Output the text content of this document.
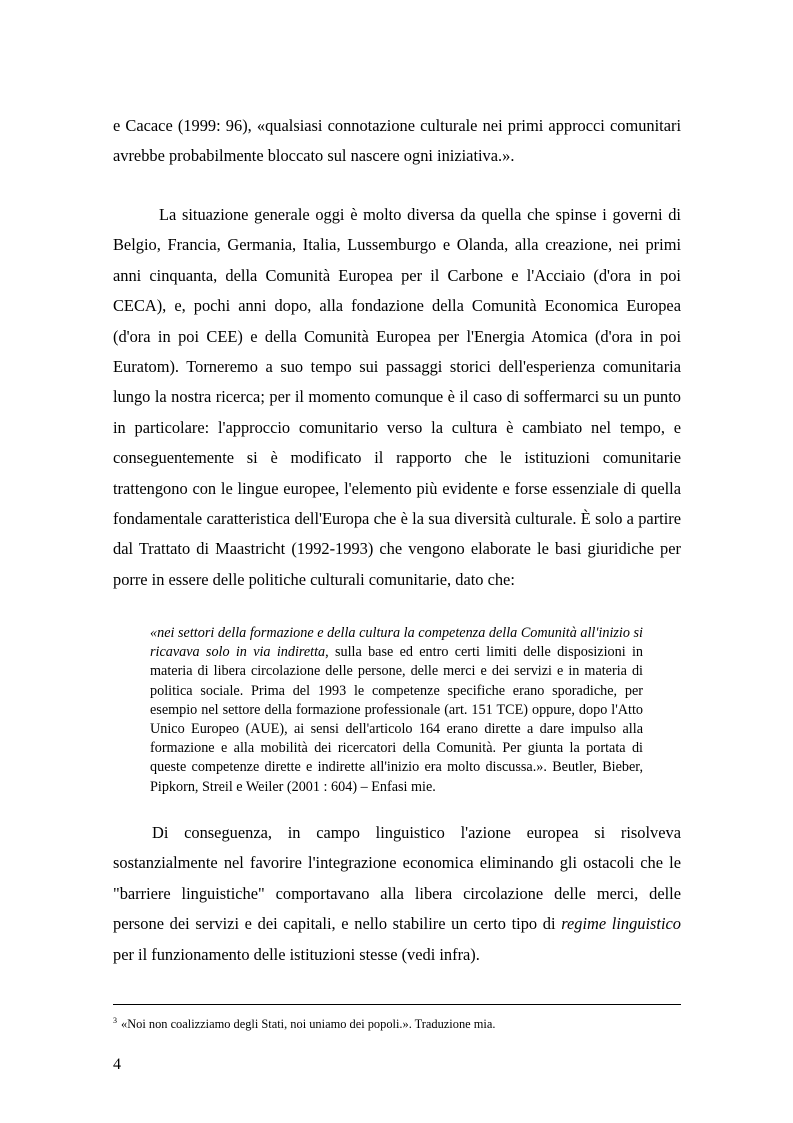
e Cacace (1999: 96), «qualsiasi connotazione culturale nei primi approcci comunitari avrebbe probabilmente bloccato sul nascere ogni iniziativa.».

La situazione generale oggi è molto diversa da quella che spinse i governi di Belgio, Francia, Germania, Italia, Lussemburgo e Olanda, alla creazione, nei primi anni cinquanta, della Comunità Europea per il Carbone e l'Acciaio (d'ora in poi CECA), e, pochi anni dopo, alla fondazione della Comunità Economica Europea (d'ora in poi CEE) e della Comunità Europea per l'Energia Atomica (d'ora in poi Euratom). Torneremo a suo tempo sui passaggi storici dell'esperienza comunitaria lungo la nostra ricerca; per il momento comunque è il caso di soffermarci su un punto in particolare: l'approccio comunitario verso la cultura è cambiato nel tempo, e conseguentemente si è modificato il rapporto che le istituzioni comunitarie trattengono con le lingue europee, l'elemento più evidente e forse essenziale di quella fondamentale caratteristica dell'Europa che è la sua diversità culturale. È solo a partire dal Trattato di Maastricht (1992-1993) che vengono elaborate le basi giuridiche per porre in essere delle politiche culturali comunitarie, dato che:

«nei settori della formazione e della cultura la competenza della Comunità all'inizio si ricavava solo in via indiretta, sulla base ed entro certi limiti delle disposizioni in materia di libera circolazione delle persone, delle merci e dei servizi e in materia di politica sociale. Prima del 1993 le competenze specifiche erano sporadiche, per esempio nel settore della formazione professionale (art. 151 TCE) oppure, dopo l'Atto Unico Europeo (AUE), ai sensi dell'articolo 164 erano dirette a dare impulso alla formazione e alla mobilità dei ricercatori della Comunità. Per giunta la portata di queste competenze dirette e indirette all'inizio era molto discussa.». Beutler, Bieber, Pipkorn, Streil e Weiler (2001 : 604) – Enfasi mie.

Di conseguenza, in campo linguistico l'azione europea si risolveva sostanzialmente nel favorire l'integrazione economica eliminando gli ostacoli che le "barriere linguistiche" comportavano alla libera circolazione delle merci, delle persone dei servizi e dei capitali, e nello stabilire un certo tipo di regime linguistico per il funzionamento delle istituzioni stesse (vedi infra).

$^3$ «Noi non coalizziamo degli Stati, noi uniamo dei popoli.». Traduzione mia.

4
